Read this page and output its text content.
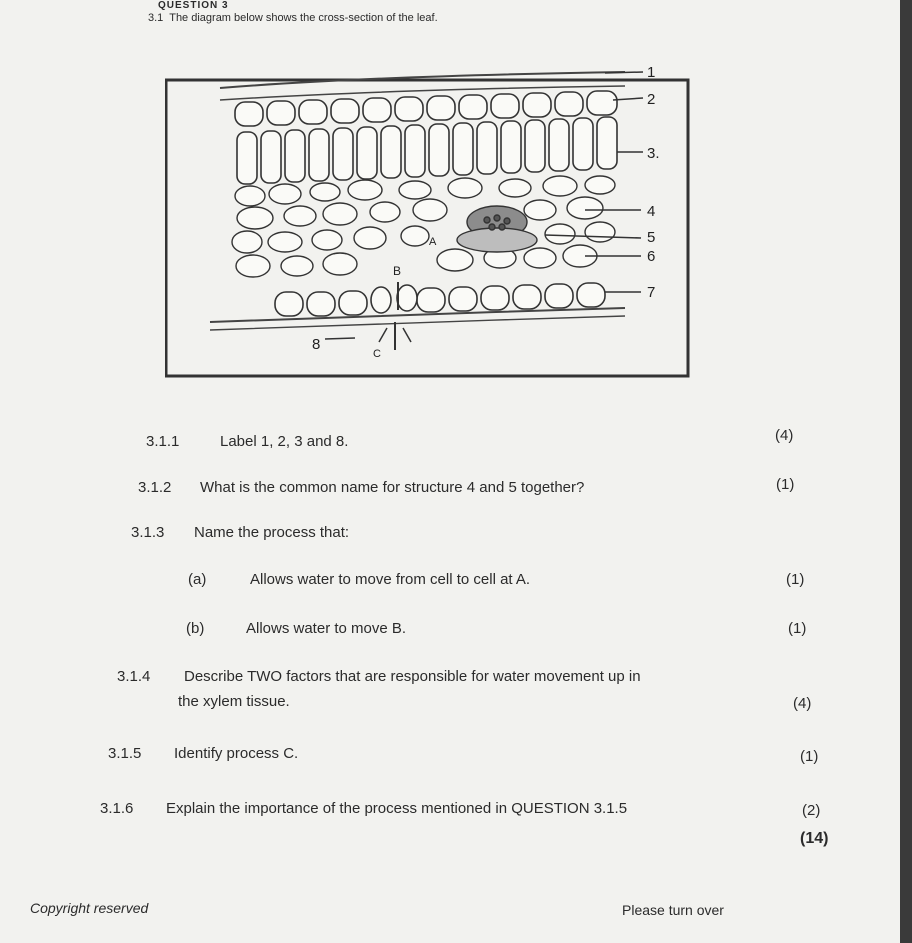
QUESTION 3
3.1 The diagram below shows the cross-section of the leaf.
1
2
3.
4
5
6
7
8
A
B
C
3.1.1	Label 1, 2, 3 and 8.	(4)
3.1.2 What is the common name for structure 4 and 5 together?	(1)
3.1.3 Name the process that:
(a)	Allows water to move from cell to cell at A.	(1)
(b)	Allows water to move B.	(1)
3.1.4 Describe TWO factors that are responsible for water movement up in
the xylem tissue.	(4)
3.1.5 Identify process C.	(1)
3.1.6 Explain the importance of the process mentioned in QUESTION 3.1.5	(2)
(14)
Copyright reserved	Please turn over
